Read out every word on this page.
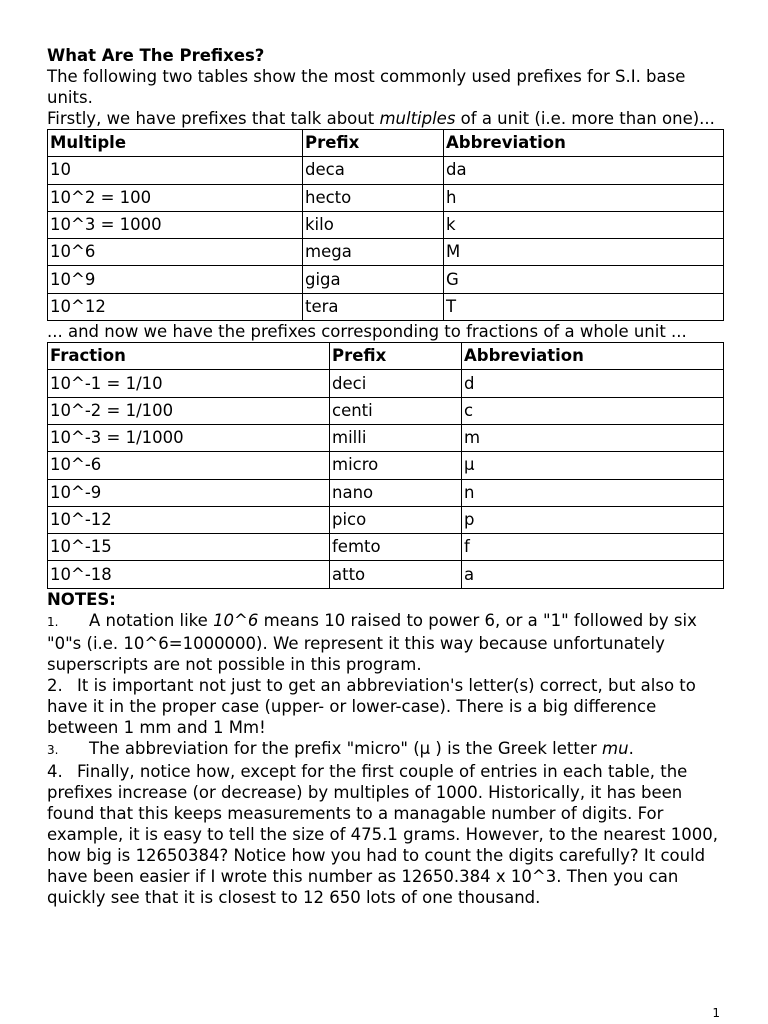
What Are The Prefixes?

The following two tables show the most commonly used prefixes for S.I. base units.

Firstly, we have prefixes that talk about multiples of a unit (i.e. more than one)...

Multiple	Prefix	Abbreviation
10	deca	da
10^2 = 100	hecto	h
10^3 = 1000	kilo	k
10^6	mega	M
10^9	giga	G
10^12	tera	T

... and now we have the prefixes corresponding to fractions of a whole unit ...

Fraction	Prefix	Abbreviation
10^-1 = 1/10	deci	d
10^-2 = 1/100	centi	c
10^-3 = 1/1000	milli	m
10^-6	micro	µ
10^-9	nano	n
10^-12	pico	p
10^-15	femto	f
10^-18	atto	a

NOTES:

1. A notation like 10^6 means 10 raised to power 6, or a "1" followed by six "0"s (i.e. 10^6=1000000). We represent it this way because unfortunately superscripts are not possible in this program.

2. It is important not just to get an abbreviation's letter(s) correct, but also to have it in the proper case (upper- or lower-case). There is a big difference between 1 mm and 1 Mm!

3. The abbreviation for the prefix "micro" (µ ) is the Greek letter mu.

4. Finally, notice how, except for the first couple of entries in each table, the prefixes increase (or decrease) by multiples of 1000. Historically, it has been found that this keeps measurements to a managable number of digits. For example, it is easy to tell the size of 475.1 grams. However, to the nearest 1000, how big is 12650384? Notice how you had to count the digits carefully? It could have been easier if I wrote this number as 12650.384 x 10^3. Then you can quickly see that it is closest to 12 650 lots of one thousand.

1
